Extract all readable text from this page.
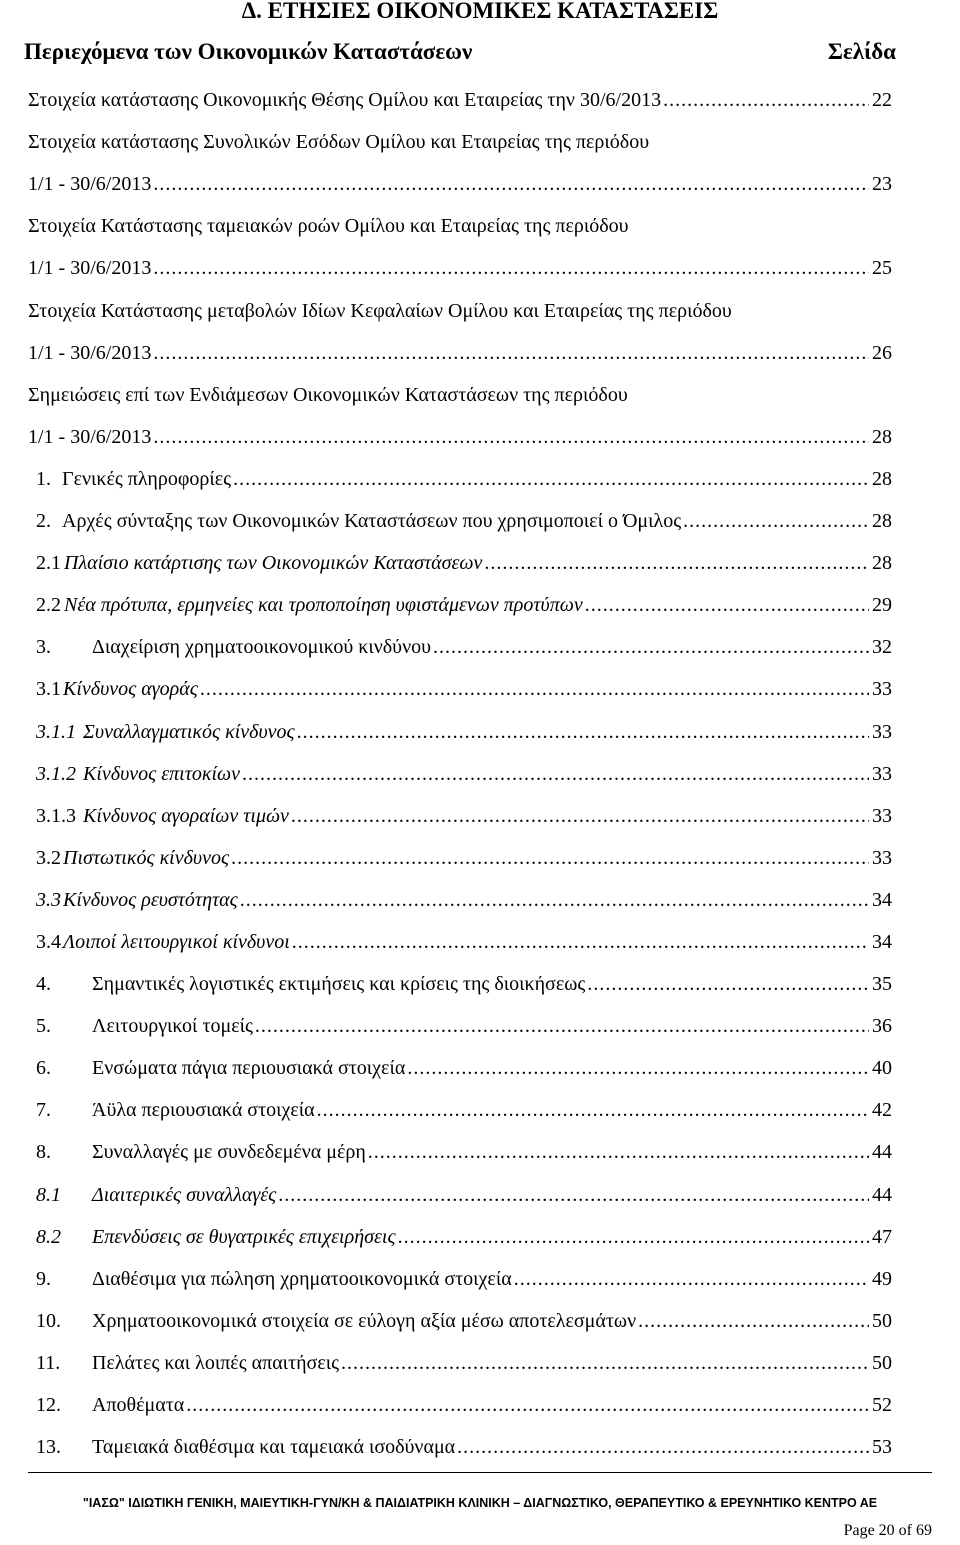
Δ. ΕΤΗΣΙΕΣ ΟΙΚΟΝΟΜΙΚΕΣ ΚΑΤΑΣΤΑΣΕΙΣ
Περιεχόμενα των Οικονομικών Καταστάσεων	Σελίδα
Στοιχεία κατάστασης Οικονομικής Θέσης Ομίλου και Εταιρείας την 30/6/2013 .....	22
Στοιχεία κατάστασης Συνολικών Εσόδων Ομίλου και Εταιρείας της περιόδου
1/1 - 30/6/2013 .....	23
Στοιχεία Κατάστασης ταμειακών ροών Ομίλου και Εταιρείας της περιόδου
1/1 - 30/6/2013 .....	25
Στοιχεία Κατάστασης μεταβολών Ιδίων Κεφαλαίων Ομίλου και Εταιρείας της περιόδου
1/1 - 30/6/2013 .....	26
Σημειώσεις επί των Ενδιάμεσων Οικονομικών Καταστάσεων της περιόδου
1/1 - 30/6/2013 .....	28
1. Γενικές πληροφορίες .....	28
2. Αρχές σύνταξης των Οικονομικών Καταστάσεων που χρησιμοποιεί ο Όμιλος .....	28
2.1 Πλαίσιο κατάρτισης των Οικονομικών Καταστάσεων .....	28
2.2 Νέα πρότυπα, ερμηνείες και τροποποίηση υφιστάμενων προτύπων .....	29
3.	Διαχείριση χρηματοοικονομικού κινδύνου .....	32
3.1 Κίνδυνος αγοράς .....	33
3.1.1 Συναλλαγματικός κίνδυνος .....	33
3.1.2 Κίνδυνος επιτοκίων .....	33
3.1.3 Κίνδυνος αγοραίων τιμών .....	33
3.2 Πιστωτικός κίνδυνος .....	33
3.3 Κίνδυνος ρευστότητας .....	34
3.4 Λοιποί λειτουργικοί κίνδυνοι .....	34
4.	Σημαντικές λογιστικές εκτιμήσεις και κρίσεις της διοικήσεως .....	35
5.	Λειτουργικοί τομείς .....	36
6.	Ενσώματα πάγια περιουσιακά στοιχεία .....	40
7.	Άϋλα περιουσιακά στοιχεία .....	42
8.	Συναλλαγές με συνδεδεμένα μέρη .....	44
8.1	Διαιτερικές συναλλαγές .....	44
8.2	Επενδύσεις σε θυγατρικές επιχειρήσεις .....	47
9.	Διαθέσιμα για πώληση χρηματοοικονομικά στοιχεία .....	49
10.	Χρηματοοικονομικά στοιχεία σε εύλογη αξία μέσω αποτελεσμάτων .....	50
11.	Πελάτες και λοιπές απαιτήσεις .....	50
12.	Αποθέματα .....	52
13.	Ταμειακά διαθέσιμα και ταμειακά ισοδύναμα .....	53
"ΙΑΣΩ" ΙΔΙΩΤΙΚΗ ΓΕΝΙΚΗ, ΜΑΙΕΥΤΙΚΗ-ΓΥΝ/ΚΗ & ΠΑΙΔΙΑΤΡΙΚΗ ΚΛΙΝΙΚΗ – ΔΙΑΓΝΩΣΤΙΚΟ, ΘΕΡΑΠΕΥΤΙΚΟ & ΕΡΕΥΝΗΤΙΚΟ ΚΕΝΤΡΟ ΑΕ
Page 20 of 69
